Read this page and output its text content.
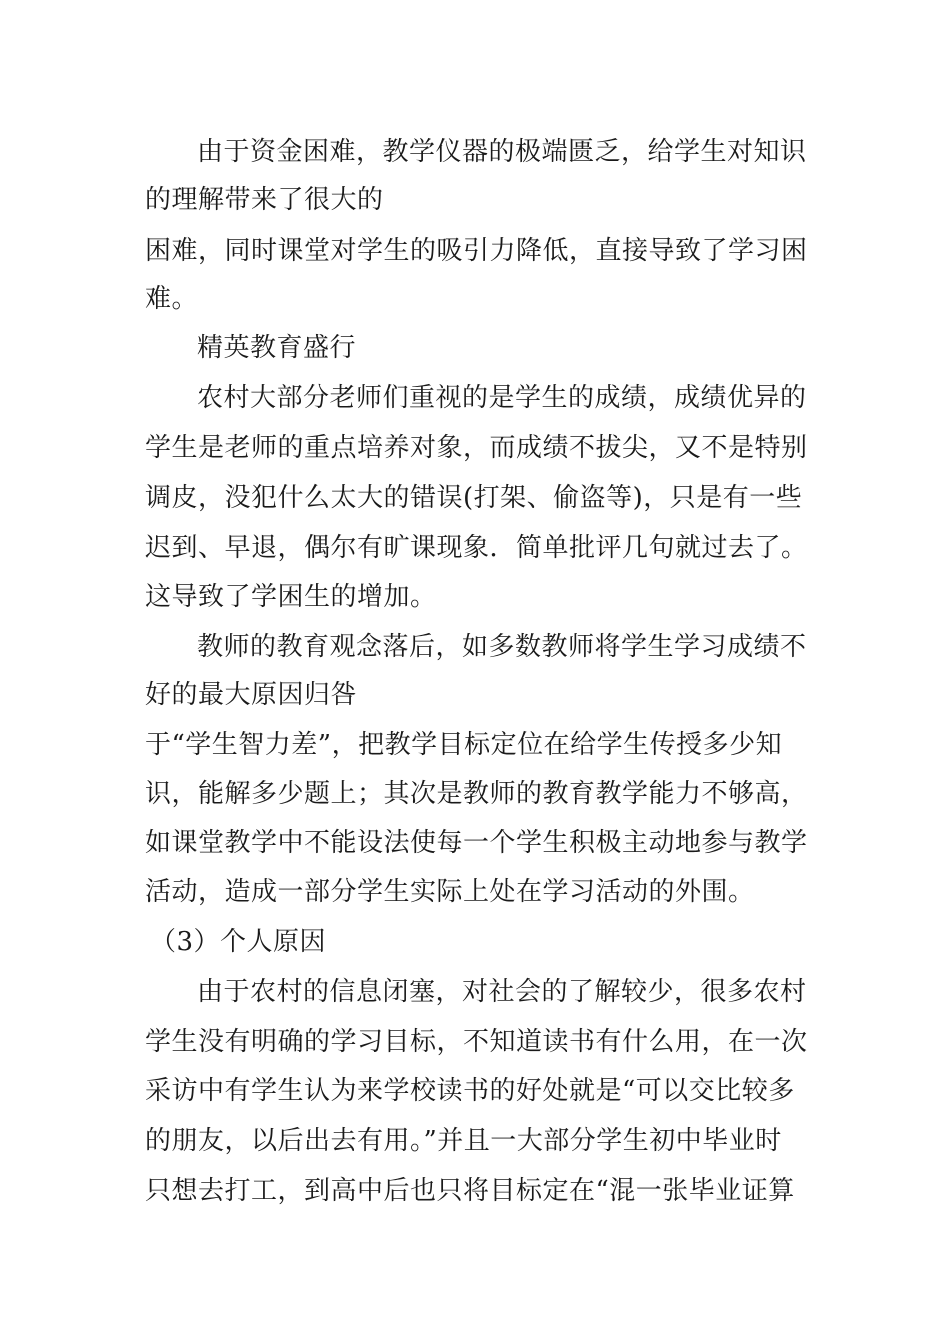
由于资金困难，教学仪器的极端匮乏，给学生对知识
的理解带来了很大的
困难，同时课堂对学生的吸引力降低，直接导致了学习困
难。
精英教育盛行
农村大部分老师们重视的是学生的成绩，成绩优异的
学生是老师的重点培养对象，而成绩不拔尖，又不是特别
调皮，没犯什么太大的错误(打架、偷盗等)，只是有一些
迟到、早退，偶尔有旷课现象．简单批评几句就过去了。
这导致了学困生的增加。
教师的教育观念落后，如多数教师将学生学习成绩不
好的最大原因归咎
于“学生智力差”，把教学目标定位在给学生传授多少知
识，能解多少题上；其次是教师的教育教学能力不够高，
如课堂教学中不能设法使每一个学生积极主动地参与教学
活动，造成一部分学生实际上处在学习活动的外围。
（3）个人原因
由于农村的信息闭塞，对社会的了解较少，很多农村
学生没有明确的学习目标，不知道读书有什么用，在一次
采访中有学生认为来学校读书的好处就是“可以交比较多
的朋友，以后出去有用。”并且一大部分学生初中毕业时
只想去打工，到高中后也只将目标定在“混一张毕业证算
